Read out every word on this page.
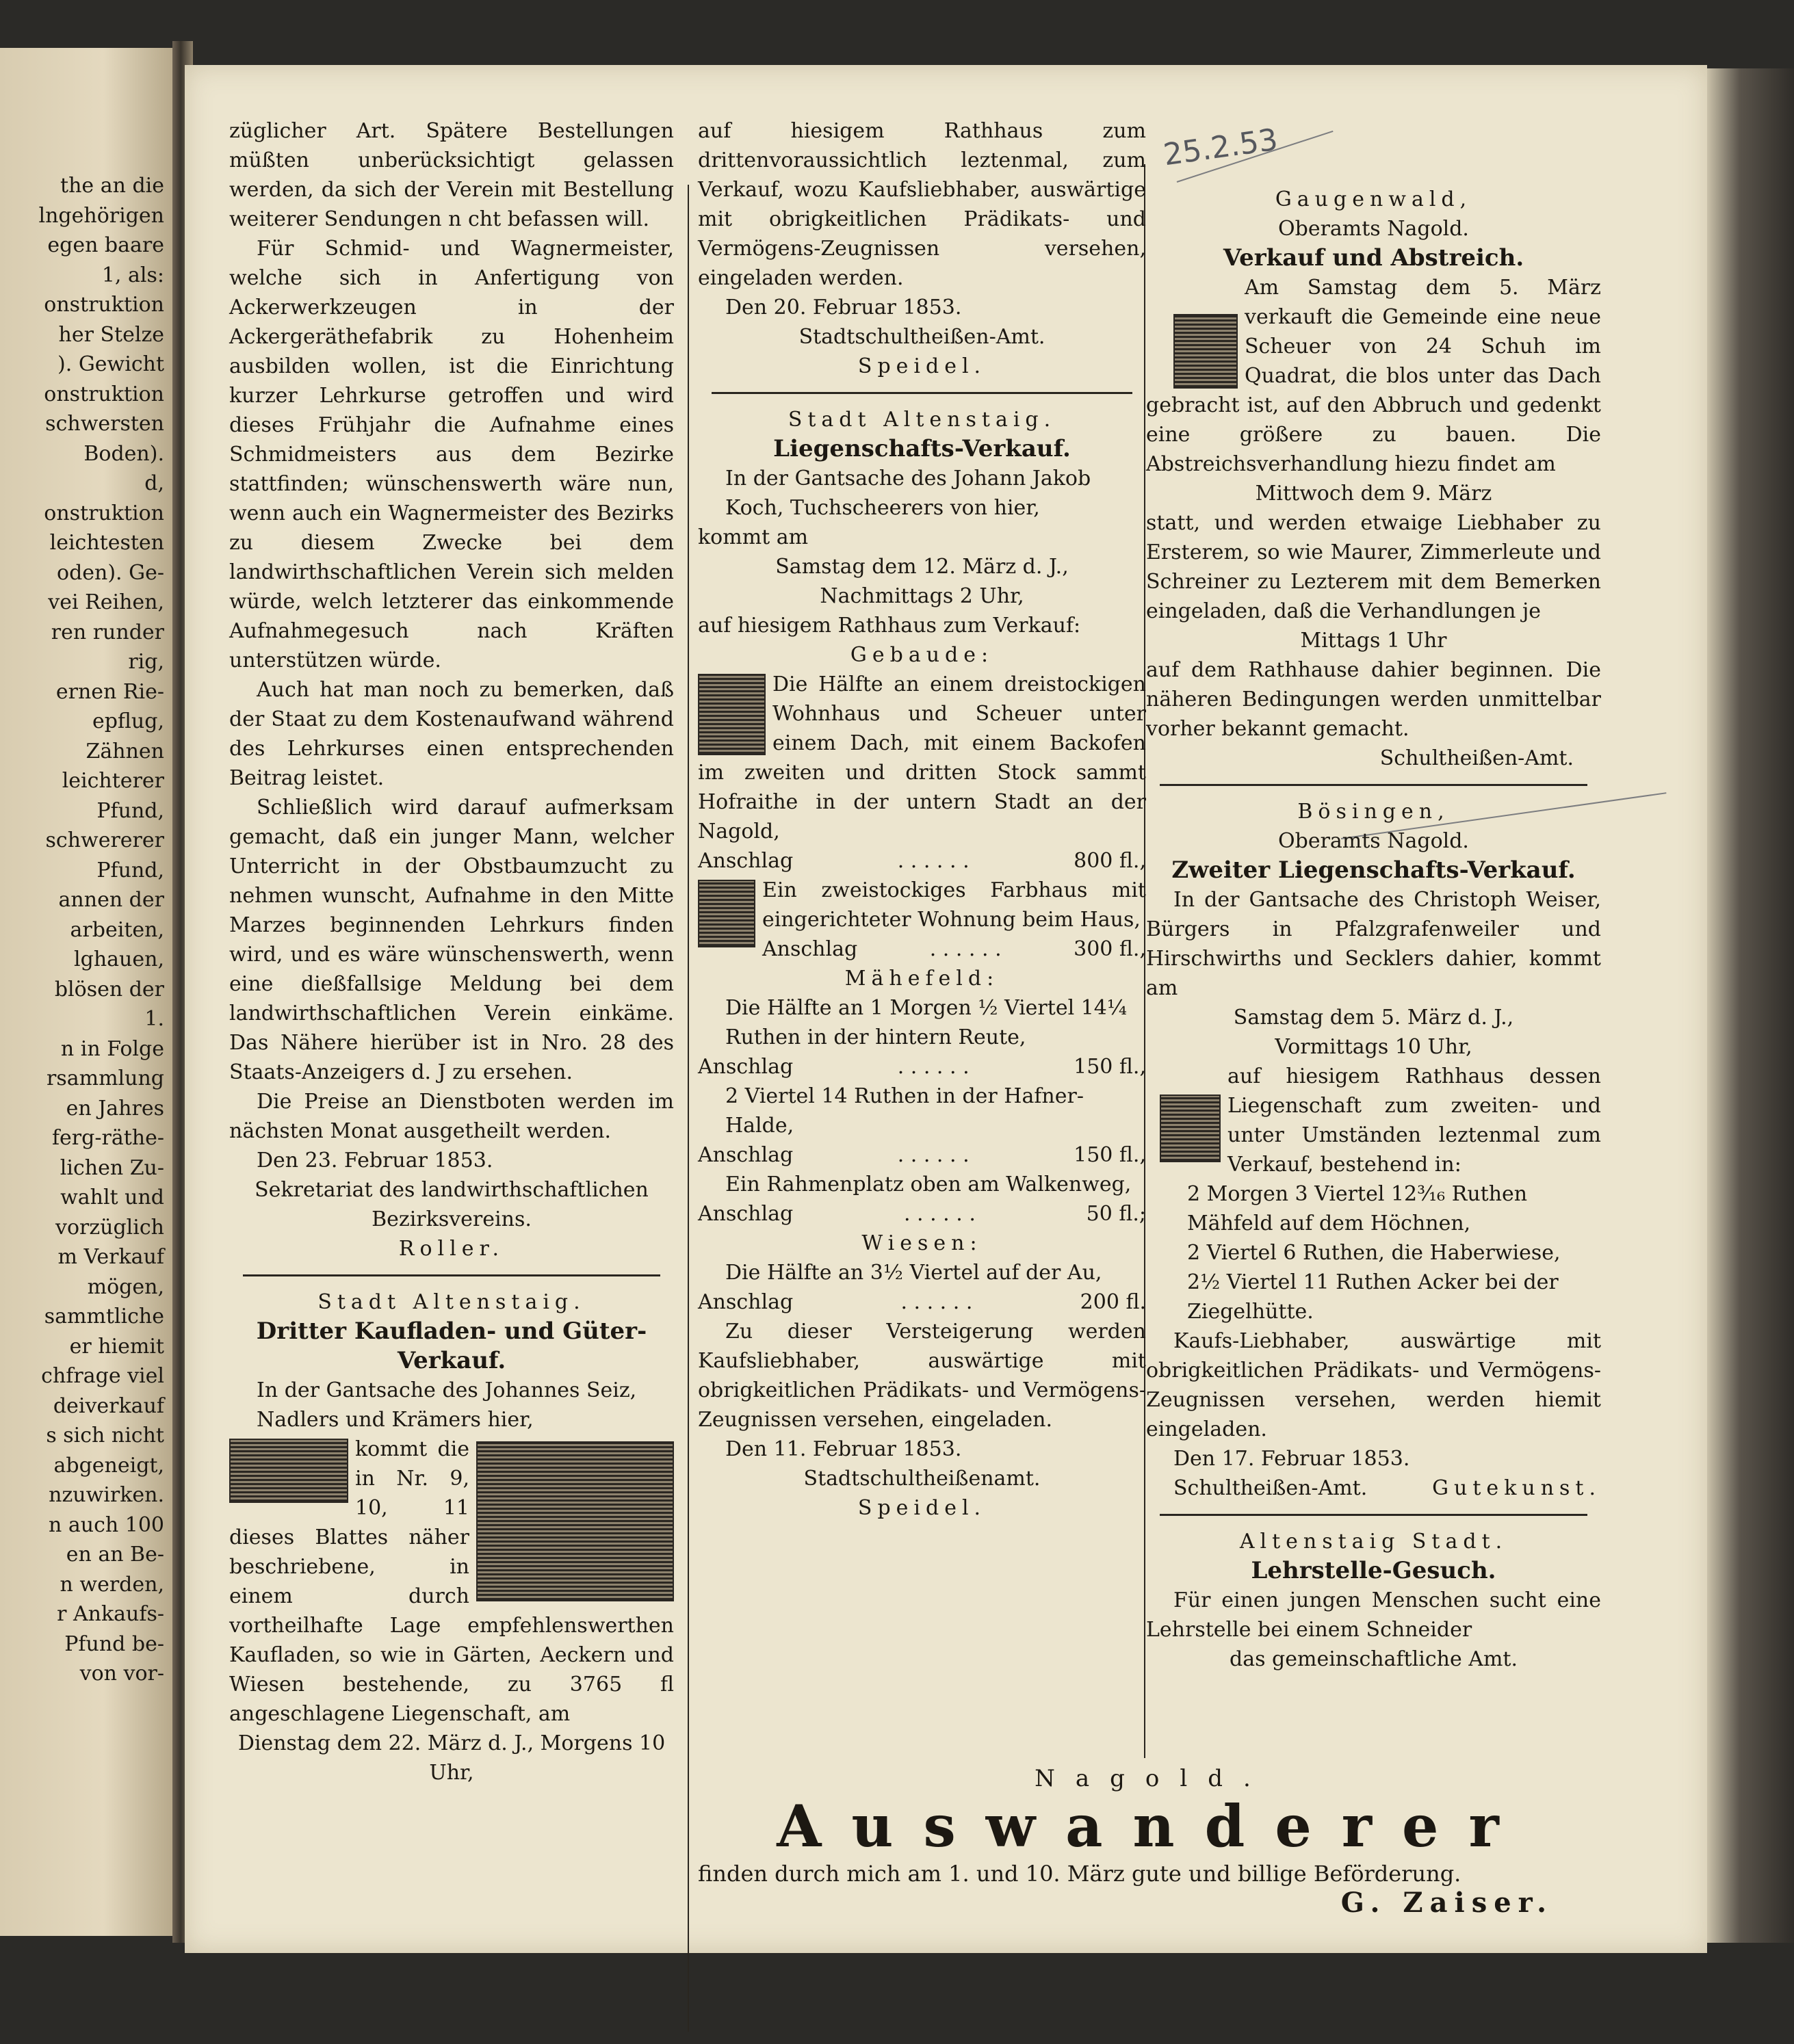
the an die
lngehörigen
egen baare
1, als:
onstruktion
her Stelze
). Gewicht
onstruktion
schwersten
Boden).
d,
onstruktion
leichtesten
oden). Ge-
vei Reihen,
ren runder
rig,
ernen Rie-
epflug,
Zähnen
leichterer
Pfund,
schwererer
Pfund,
annen der
arbeiten,
lghauen,
blösen der
1.
n in Folge
rsammlung
en Jahres
ferg-räthe-
lichen Zu-
wahlt und
vorzüglich
m Verkauf
mögen,
sammtliche
er hiemit
chfrage viel
deiverkauf
s sich nicht
abgeneigt,
nzuwirken.
n auch 100
en an Be-
n werden,
r Ankaufs-
Pfund be-
von vor-
25.2.53

züglicher Art. Spätere Bestellungen müßten unberücksichtigt gelassen werden, da sich der Verein mit Bestellung weiterer Sendungen n cht befassen will.

Für Schmid- und Wagnermeister, welche sich in Anfertigung von Ackerwerkzeugen in der Ackergeräthefabrik zu Hohenheim ausbilden wollen, ist die Einrichtung kurzer Lehrkurse getroffen und wird dieses Frühjahr die Aufnahme eines Schmidmeisters aus dem Bezirke stattfinden; wünschenswerth wäre nun, wenn auch ein Wagnermeister des Bezirks zu diesem Zwecke bei dem landwirthschaftlichen Verein sich melden würde, welch letzterer das einkommende Aufnahmegesuch nach Kräften unterstützen würde.

Auch hat man noch zu bemerken, daß der Staat zu dem Kostenaufwand während des Lehrkurses einen entsprechenden Beitrag leistet.

Schließlich wird darauf aufmerksam gemacht, daß ein junger Mann, welcher Unterricht in der Obstbaumzucht zu nehmen wunscht, Aufnahme in den Mitte Marzes beginnenden Lehrkurs finden wird, und es wäre wünschenswerth, wenn eine dießfallsige Meldung bei dem landwirthschaftlichen Verein einkäme. Das Nähere hierüber ist in Nro. 28 des Staats-Anzeigers d. J zu ersehen.

Die Preise an Dienstboten werden im nächsten Monat ausgetheilt werden.

Den 23. Februar 1853.

Sekretariat des landwirthschaftlichen Bezirksvereins.

Roller.

Stadt Altenstaig.

Dritter Kaufladen- und Güter-Verkauf.

In der Gantsache des Johannes Seiz, Nadlers und Krämers hier,

kommt die in Nr. 9, 10, 11 dieses Blattes näher beschriebene, in einem durch vortheilhafte Lage empfehlenswerthen Kaufladen, so wie in Gärten, Aeckern und Wiesen bestehende, zu 3765 fl angeschlagene Liegenschaft, am

Dienstag dem 22. März d. J., Morgens 10 Uhr,

auf hiesigem Rathhaus zum drittenvoraussichtlich leztenmal, zum Verkauf, wozu Kaufsliebhaber, auswärtige mit obrigkeitlichen Prädikats- und Vermögens-Zeugnissen versehen, eingeladen werden.

Den 20. Februar 1853.

Stadtschultheißen-Amt.

Speidel.

Stadt Altenstaig.

Liegenschafts-Verkauf.

In der Gantsache des Johann Jakob Koch, Tuchscheerers von hier,

kommt am

Samstag dem 12. März d. J.,

Nachmittags 2 Uhr,

auf hiesigem Rathhaus zum Verkauf:

Gebaude:

Die Hälfte an einem dreistockigen Wohnhaus und Scheuer unter einem Dach, mit einem Backofen im zweiten und dritten Stock sammt Hofraithe in der untern Stadt an der Nagold,

Anschlag	. . . . . .	800 fl.,

Ein zweistockiges Farbhaus mit eingerichteter Wohnung beim Haus,

Anschlag	. . . . . .	300 fl.,

Mähefeld:

Die Hälfte an 1 Morgen ½ Viertel 14¼ Ruthen in der hintern Reute,

Anschlag	. . . . . .	150 fl.,

2 Viertel 14 Ruthen in der Hafner-Halde,

Anschlag	. . . . . .	150 fl.,

Ein Rahmenplatz oben am Walkenweg,

Anschlag	. . . . . .	50 fl.;

Wiesen:

Die Hälfte an 3½ Viertel auf der Au,

Anschlag	. . . . . .	200 fl.

Zu dieser Versteigerung werden Kaufsliebhaber, auswärtige mit obrigkeitlichen Prädikats- und Vermögens-Zeugnissen versehen, eingeladen.

Den 11. Februar 1853.

Stadtschultheißenamt.

Speidel.

Gaugenwald,

Oberamts Nagold.

Verkauf und Abstreich.

Am Samstag dem 5. März verkauft die Gemeinde eine neue Scheuer von 24 Schuh im Quadrat, die blos unter das Dach gebracht ist, auf den Abbruch und gedenkt eine größere zu bauen. Die Abstreichsverhandlung hiezu findet am

Mittwoch dem 9. März

statt, und werden etwaige Liebhaber zu Ersterem, so wie Maurer, Zimmerleute und Schreiner zu Lezterem mit dem Bemerken eingeladen, daß die Verhandlungen je

Mittags 1 Uhr

auf dem Rathhause dahier beginnen. Die näheren Bedingungen werden unmittelbar vorher bekannt gemacht.

Schultheißen-Amt.

Bösingen,

Oberamts Nagold.

Zweiter Liegenschafts-Verkauf.

In der Gantsache des Christoph Weiser, Bürgers in Pfalzgrafenweiler und Hirschwirths und Secklers dahier, kommt am

Samstag dem 5. März d. J.,

Vormittags 10 Uhr,

auf hiesigem Rathhaus dessen Liegenschaft zum zweiten- und unter Umständen leztenmal zum Verkauf, bestehend in:

2 Morgen 3 Viertel 12³⁄₁₆ Ruthen Mähfeld auf dem Höchnen,

2 Viertel 6 Ruthen, die Haberwiese,

2½ Viertel 11 Ruthen Acker bei der Ziegelhütte.

Kaufs-Liebhaber, auswärtige mit obrigkeitlichen Prädikats- und Vermögens-Zeugnissen versehen, werden hiemit eingeladen.

Den 17. Februar 1853.

Schultheißen-Amt.	Gutekunst.

Altenstaig Stadt.

Lehrstelle-Gesuch.

Für einen jungen Menschen sucht eine Lehrstelle bei einem Schneider

das gemeinschaftliche Amt.

Nagold.

Auswanderer

finden durch mich am 1. und 10. März gute und billige Beförderung.

G. Zaiser.
